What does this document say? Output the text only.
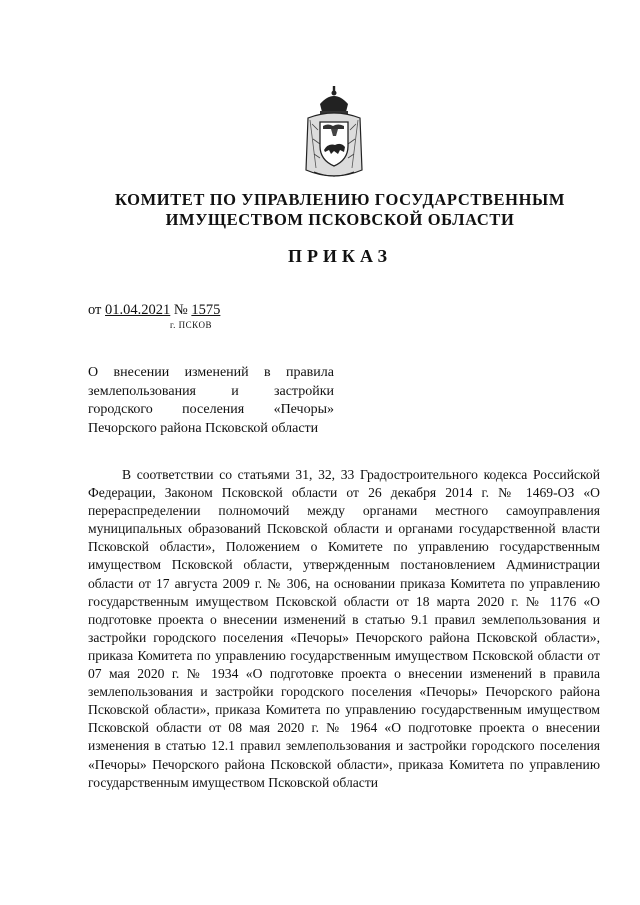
КОМИТЕТ ПО УПРАВЛЕНИЮ ГОСУДАРСТВЕННЫМ
ИМУЩЕСТВОМ ПСКОВСКОЙ ОБЛАСТИ
ПРИКАЗ
от 01.04.2021 № 1575
г. ПСКОВ
О внесении изменений в правила землепользования и застройки городского поселения «Печоры» Печорского района Псковской области
В соответствии со статьями 31, 32, 33 Градостроительного кодекса Российской Федерации, Законом Псковской области от 26 декабря 2014 г. № 1469-ОЗ «О перераспределении полномочий между органами местного самоуправления муниципальных образований Псковской области и органами государственной власти Псковской области», Положением о Комитете по управлению государственным имуществом Псковской области, утвержденным постановлением Администрации области от 17 августа 2009 г. № 306, на основании приказа Комитета по управлению государственным имуществом Псковской области от 18 марта 2020 г. № 1176 «О подготовке проекта о внесении изменений в статью 9.1 правил землепользования и застройки городского поселения «Печоры» Печорского района Псковской области», приказа Комитета по управлению государственным имуществом Псковской области от 07 мая 2020 г. № 1934 «О подготовке проекта о внесении изменений в правила землепользования и застройки городского поселения «Печоры» Печорского района Псковской области», приказа Комитета по управлению государственным имуществом Псковской области от 08 мая 2020 г. № 1964 «О подготовке проекта о внесении изменения в статью 12.1 правил землепользования и застройки городского поселения «Печоры» Печорского района Псковской области», приказа Комитета по управлению государственным имуществом Псковской области
